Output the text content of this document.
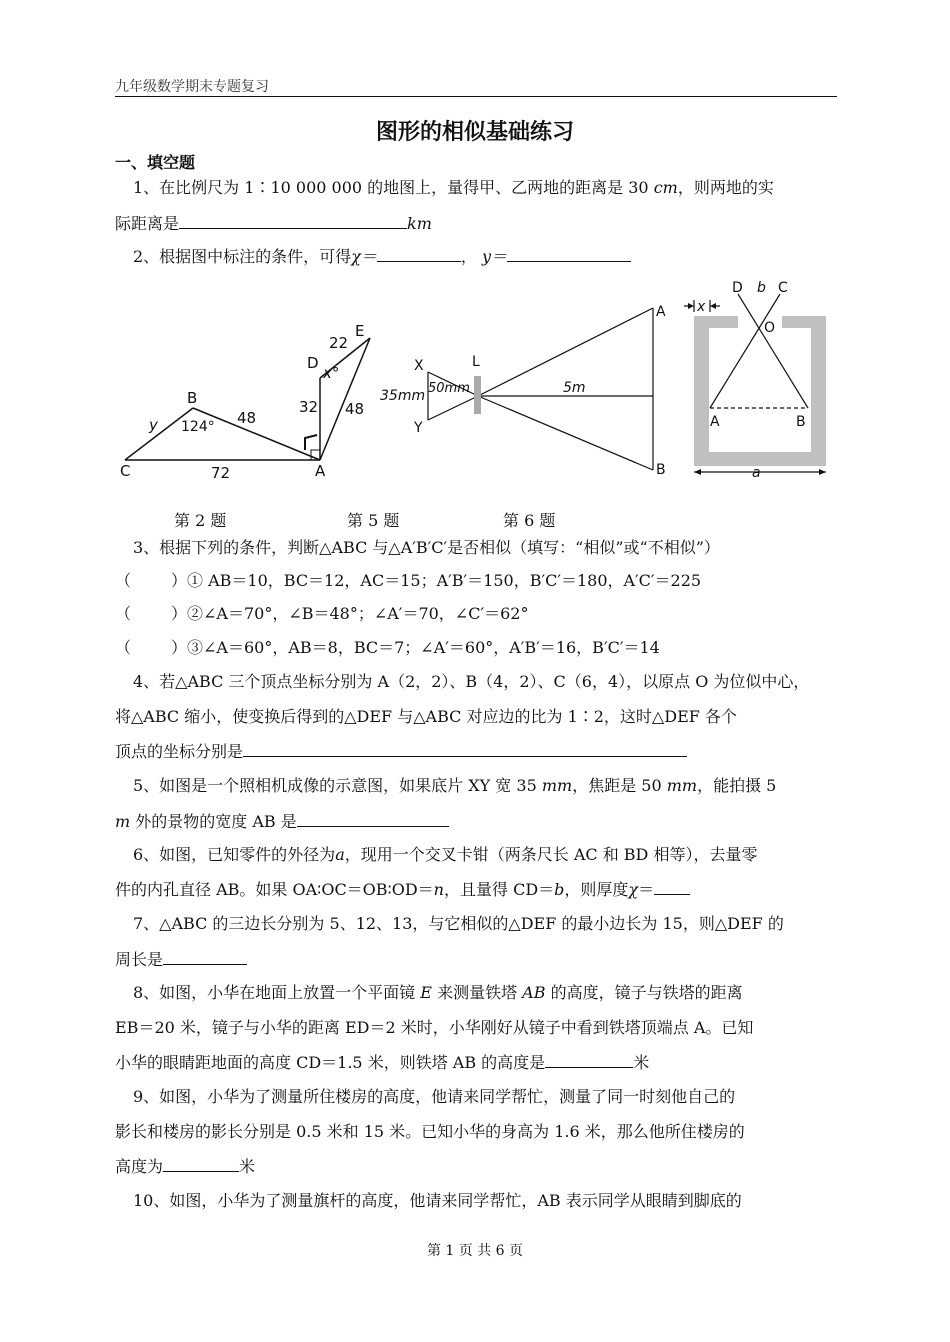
九年级数学期末专题复习
图形的相似基础练习
一、填空题
1、在比例尺为 1∶10 000 000 的地图上，量得甲、乙两地的距离是 30 cm，则两地的实
际距离是	km
2、根据图中标注的条件，可得χ＝	， y＝
C
B
A
D
E
y 124° 48
72
32
22
48
x°	X
Y
L
A
B
35mm 50mm	5m
D b C
x
O
A	B
a
第 2 题	第 5 题	第 6 题
3、根据下列的条件，判断△ABC 与△A′B′C′是否相似（填写：“相似”或“不相似”）
（ ）① AB＝10，BC＝12，AC＝15；A′B′＝150，B′C′＝180，A′C′＝225
（ ）②∠A＝70°，∠B＝48°；∠A′＝70，∠C′＝62°
（ ）③∠A＝60°，AB＝8，BC＝7；∠A′＝60°，A′B′＝16，B′C′＝14
4、若△ABC 三个顶点坐标分别为 A（2，2）、B（4，2）、C（6，4），以原点 O 为位似中心，
将△ABC 缩小，使变换后得到的△DEF 与△ABC 对应边的比为 1∶2，这时△DEF 各个
顶点的坐标分别是
5、如图是一个照相机成像的示意图，如果底片 XY 宽 35 mm，焦距是 50 mm，能拍摄 5
m 外的景物的宽度 AB 是
6、如图，已知零件的外径为a，现用一个交叉卡钳（两条尺长 AC 和 BD 相等），去量零
件的内孔直径 AB。如果 OA∶OC＝OB∶OD＝n，且量得 CD＝b，则厚度χ＝
7、△ABC 的三边长分别为 5、12、13，与它相似的△DEF 的最小边长为 15，则△DEF 的
周长是
8、如图，小华在地面上放置一个平面镜 E 来测量铁塔 AB 的高度，镜子与铁塔的距离
EB＝20 米，镜子与小华的距离 ED＝2 米时，小华刚好从镜子中看到铁塔顶端点 A。已知
小华的眼睛距地面的高度 CD＝1.5 米，则铁塔 AB 的高度是	米
9、如图，小华为了测量所住楼房的高度，他请来同学帮忙，测量了同一时刻他自己的
影长和楼房的影长分别是 0.5 米和 15 米。已知小华的身高为 1.6 米，那么他所住楼房的
高度为	米
10、如图，小华为了测量旗杆的高度，他请来同学帮忙，AB 表示同学从眼睛到脚底的
第 1 页 共 6 页
